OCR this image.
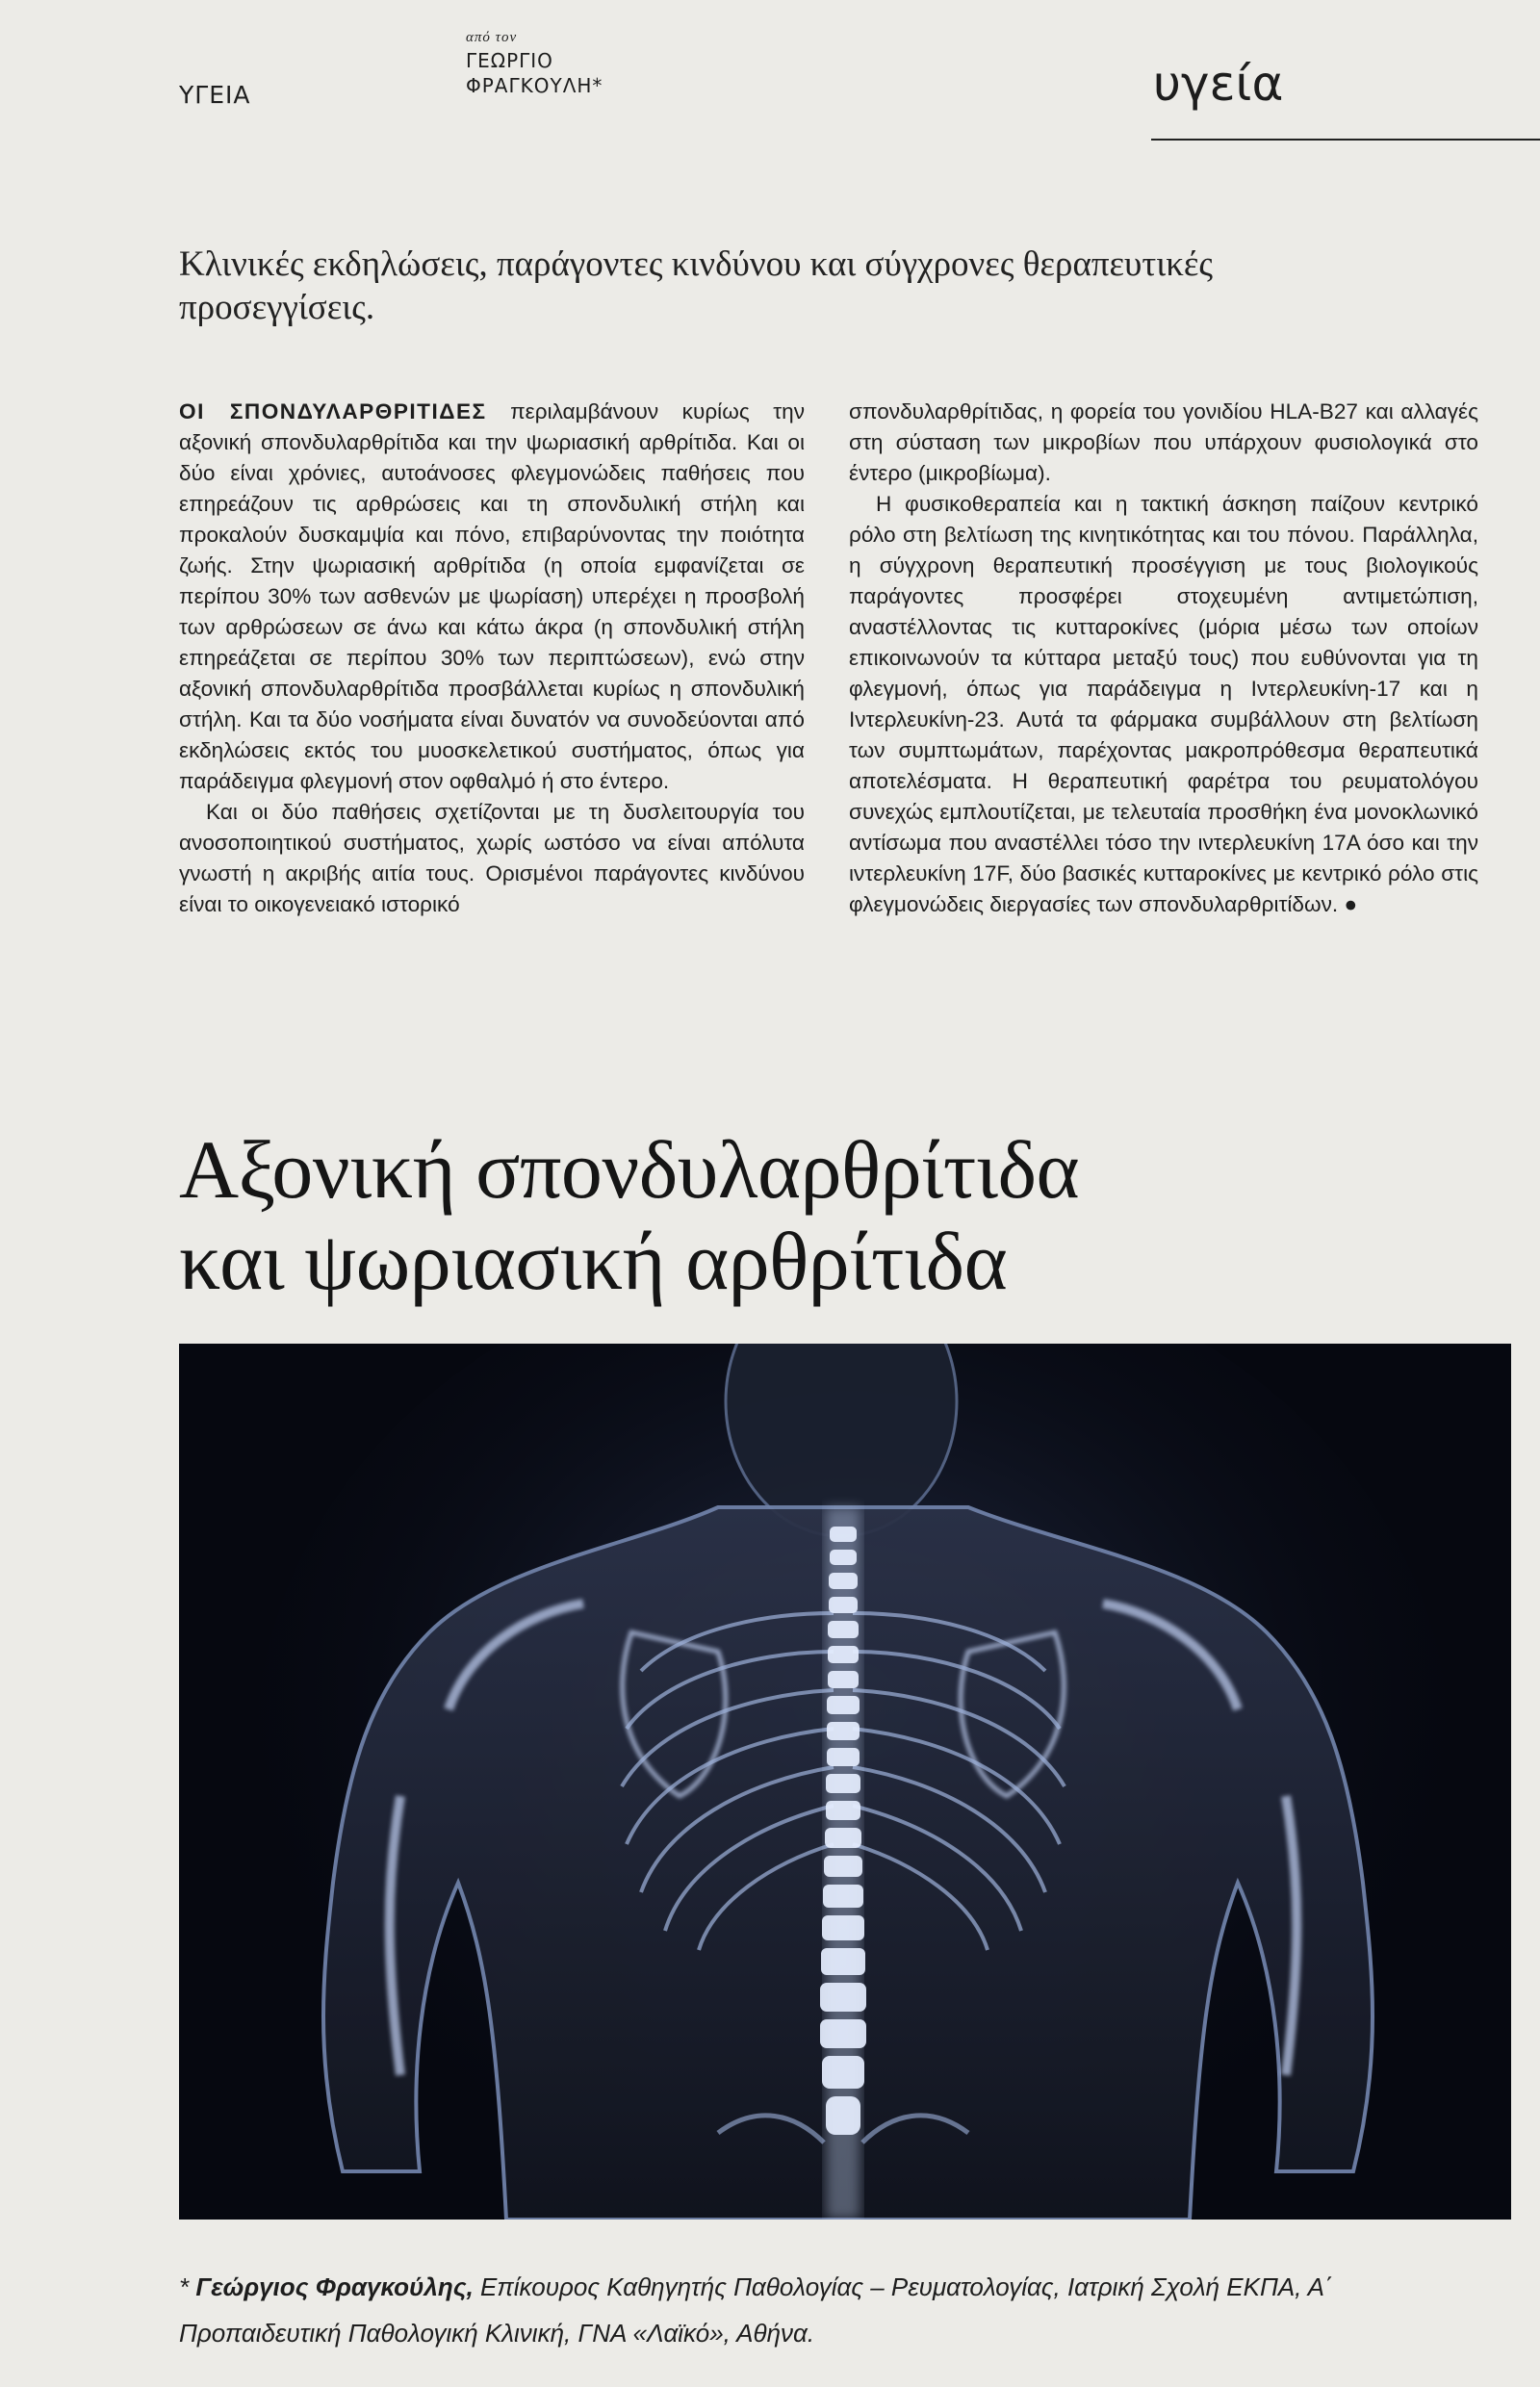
ΥΓΕΙΑ
από τον
ΓΕΩΡΓΙΟ
ΦΡΑΓΚΟΥΛΗ*	υγεία
Κλινικές εκδηλώσεις, παράγοντες κινδύνου και σύγχρονες θεραπευτικές προσεγγίσεις.

ΟΙ ΣΠΟΝΔΥΛΑΡΘΡΙΤΙΔΕΣ περιλαμβάνουν κυρίως την αξονική σπονδυλαρθρίτιδα και την ψωριασική αρθρίτιδα. Και οι δύο είναι χρόνιες, αυτοάνοσες φλεγμονώδεις παθήσεις που επηρεάζουν τις αρθρώσεις και τη σπονδυλική στήλη και προκαλούν δυσκαμψία και πόνο, επιβαρύνοντας την ποιότητα ζωής. Στην ψωριασική αρθρίτιδα (η οποία εμφανίζεται σε περίπου 30% των ασθενών με ψωρίαση) υπερέχει η προσβολή των αρθρώσεων σε άνω και κάτω άκρα (η σπονδυλική στήλη επηρεάζεται σε περίπου 30% των περιπτώσεων), ενώ στην αξονική σπονδυλαρθρίτιδα προσβάλλεται κυρίως η σπονδυλική στήλη. Και τα δύο νοσήματα είναι δυνατόν να συνοδεύονται από εκδηλώσεις εκτός του μυοσκελετικού συστήματος, όπως για παράδειγμα φλεγμονή στον οφθαλμό ή στο έντερο.

Και οι δύο παθήσεις σχετίζονται με τη δυσλειτουργία του ανοσοποιητικού συστήματος, χωρίς ωστόσο να είναι απόλυτα γνωστή η ακριβής αιτία τους. Ορισμένοι παράγοντες κινδύνου είναι το οικογενειακό ιστορικό

σπονδυλαρθρίτιδας, η φορεία του γονιδίου HLA-B27 και αλλαγές στη σύσταση των μικροβίων που υπάρχουν φυσιολογικά στο έντερο (μικροβίωμα).

Η φυσικοθεραπεία και η τακτική άσκηση παίζουν κεντρικό ρόλο στη βελτίωση της κινητικότητας και του πόνου. Παράλληλα, η σύγχρονη θεραπευτική προσέγγιση με τους βιολογικούς παράγοντες προσφέρει στοχευμένη αντιμετώπιση, αναστέλλοντας τις κυτταροκίνες (μόρια μέσω των οποίων επικοινωνούν τα κύτταρα μεταξύ τους) που ευθύνονται για τη φλεγμονή, όπως για παράδειγμα η Ιντερλευκίνη-17 και η Ιντερλευκίνη-23. Αυτά τα φάρμακα συμβάλλουν στη βελτίωση των συμπτωμάτων, παρέχοντας μακροπρόθεσμα θεραπευτικά αποτελέσματα. Η θεραπευτική φαρέτρα του ρευματολόγου συνεχώς εμπλουτίζεται, με τελευταία προσθήκη ένα μονοκλωνικό αντίσωμα που αναστέλλει τόσο την ιντερλευκίνη 17A όσο και την ιντερλευκίνη 17F, δύο βασικές κυτταροκίνες με κεντρικό ρόλο στις φλεγμονώδεις διεργασίες των σπονδυλαρθριτίδων. ●

Αξονική σπονδυλαρθρίτιδα
και ψωριασική αρθρίτιδα
* Γεώργιος Φραγκούλης, Επίκουρος Καθηγητής Παθολογίας – Ρευματολογίας, Ιατρική Σχολή ΕΚΠΑ, Α΄ Προπαιδευτική Παθολογική Κλινική, ΓΝΑ «Λαϊκό», Αθήνα.
